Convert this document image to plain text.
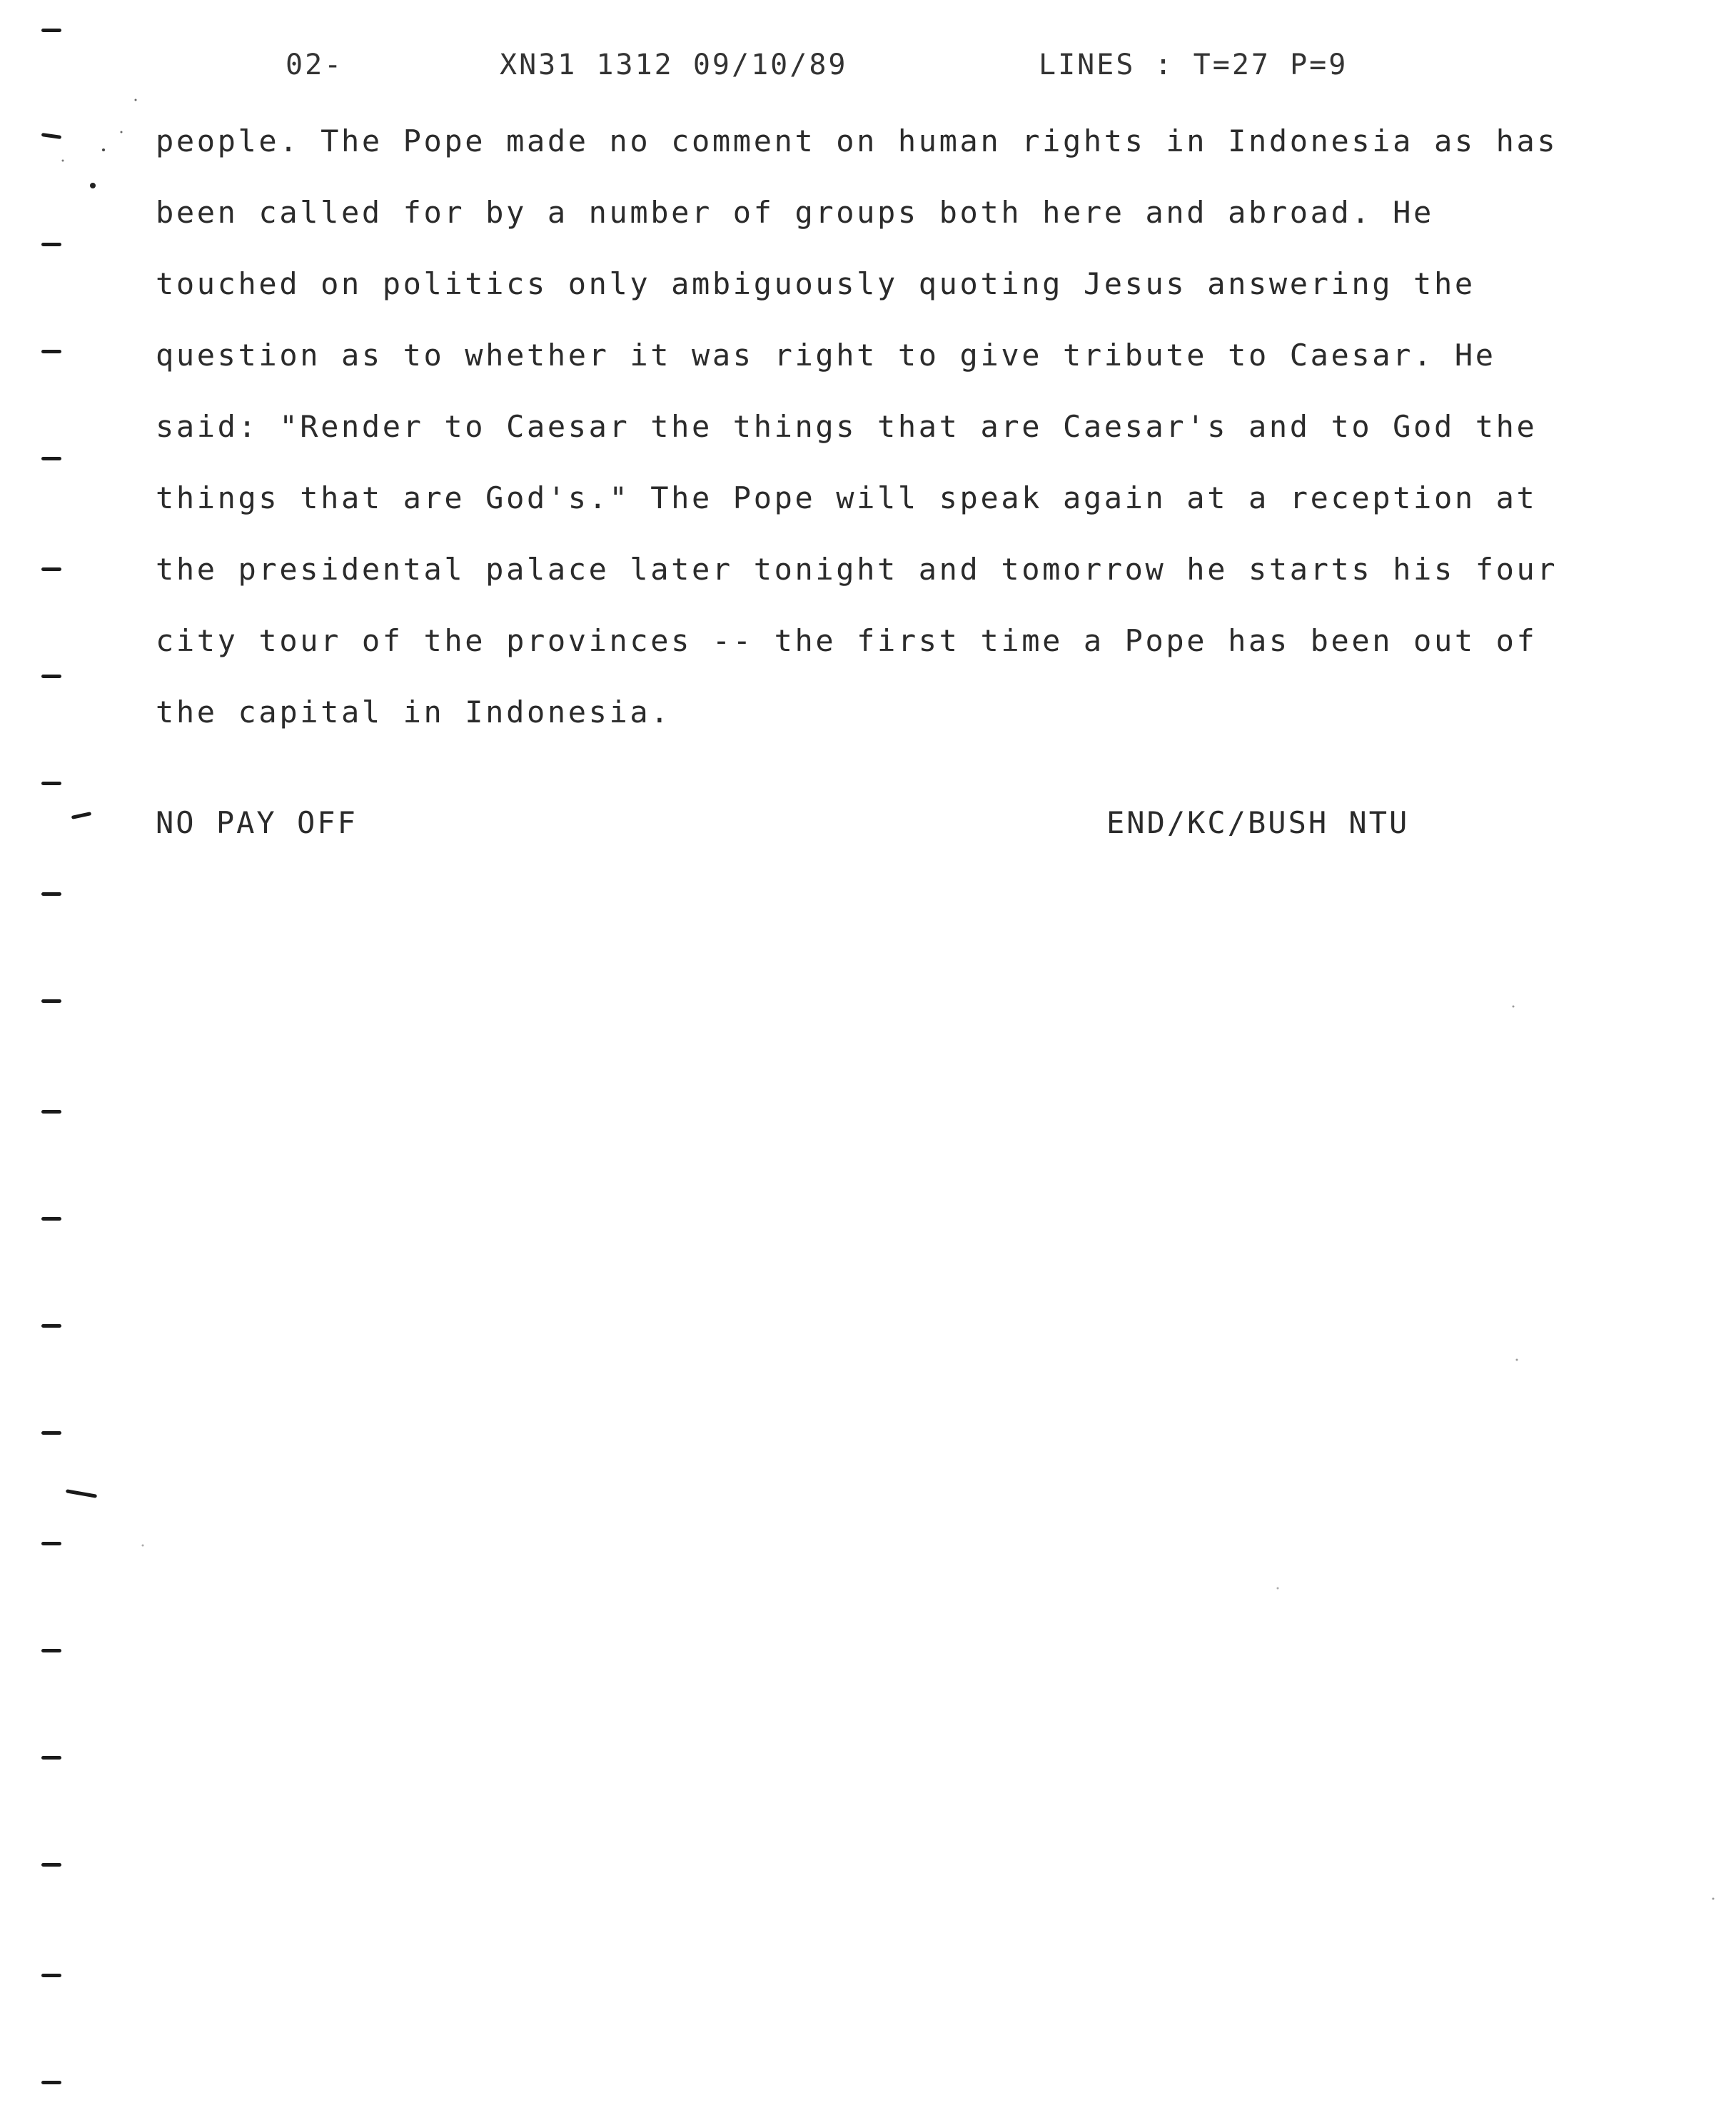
02-	XN31 1312 09/10/89	LINES : T=27 P=9
people. The Pope made no comment on human rights in Indonesia as has
been called for by a number of groups both here and abroad. He
touched on politics only ambiguously quoting Jesus answering the
question as to whether it was right to give tribute to Caesar. He
said: "Render to Caesar the things that are Caesar's and to God the
things that are God's." The Pope will speak again at a reception at
the presidental palace later tonight and tomorrow he starts his four
city tour of the provinces -- the first time a Pope has been out of
the capital in Indonesia.
NO PAY OFF	END/KC/BUSH NTU
